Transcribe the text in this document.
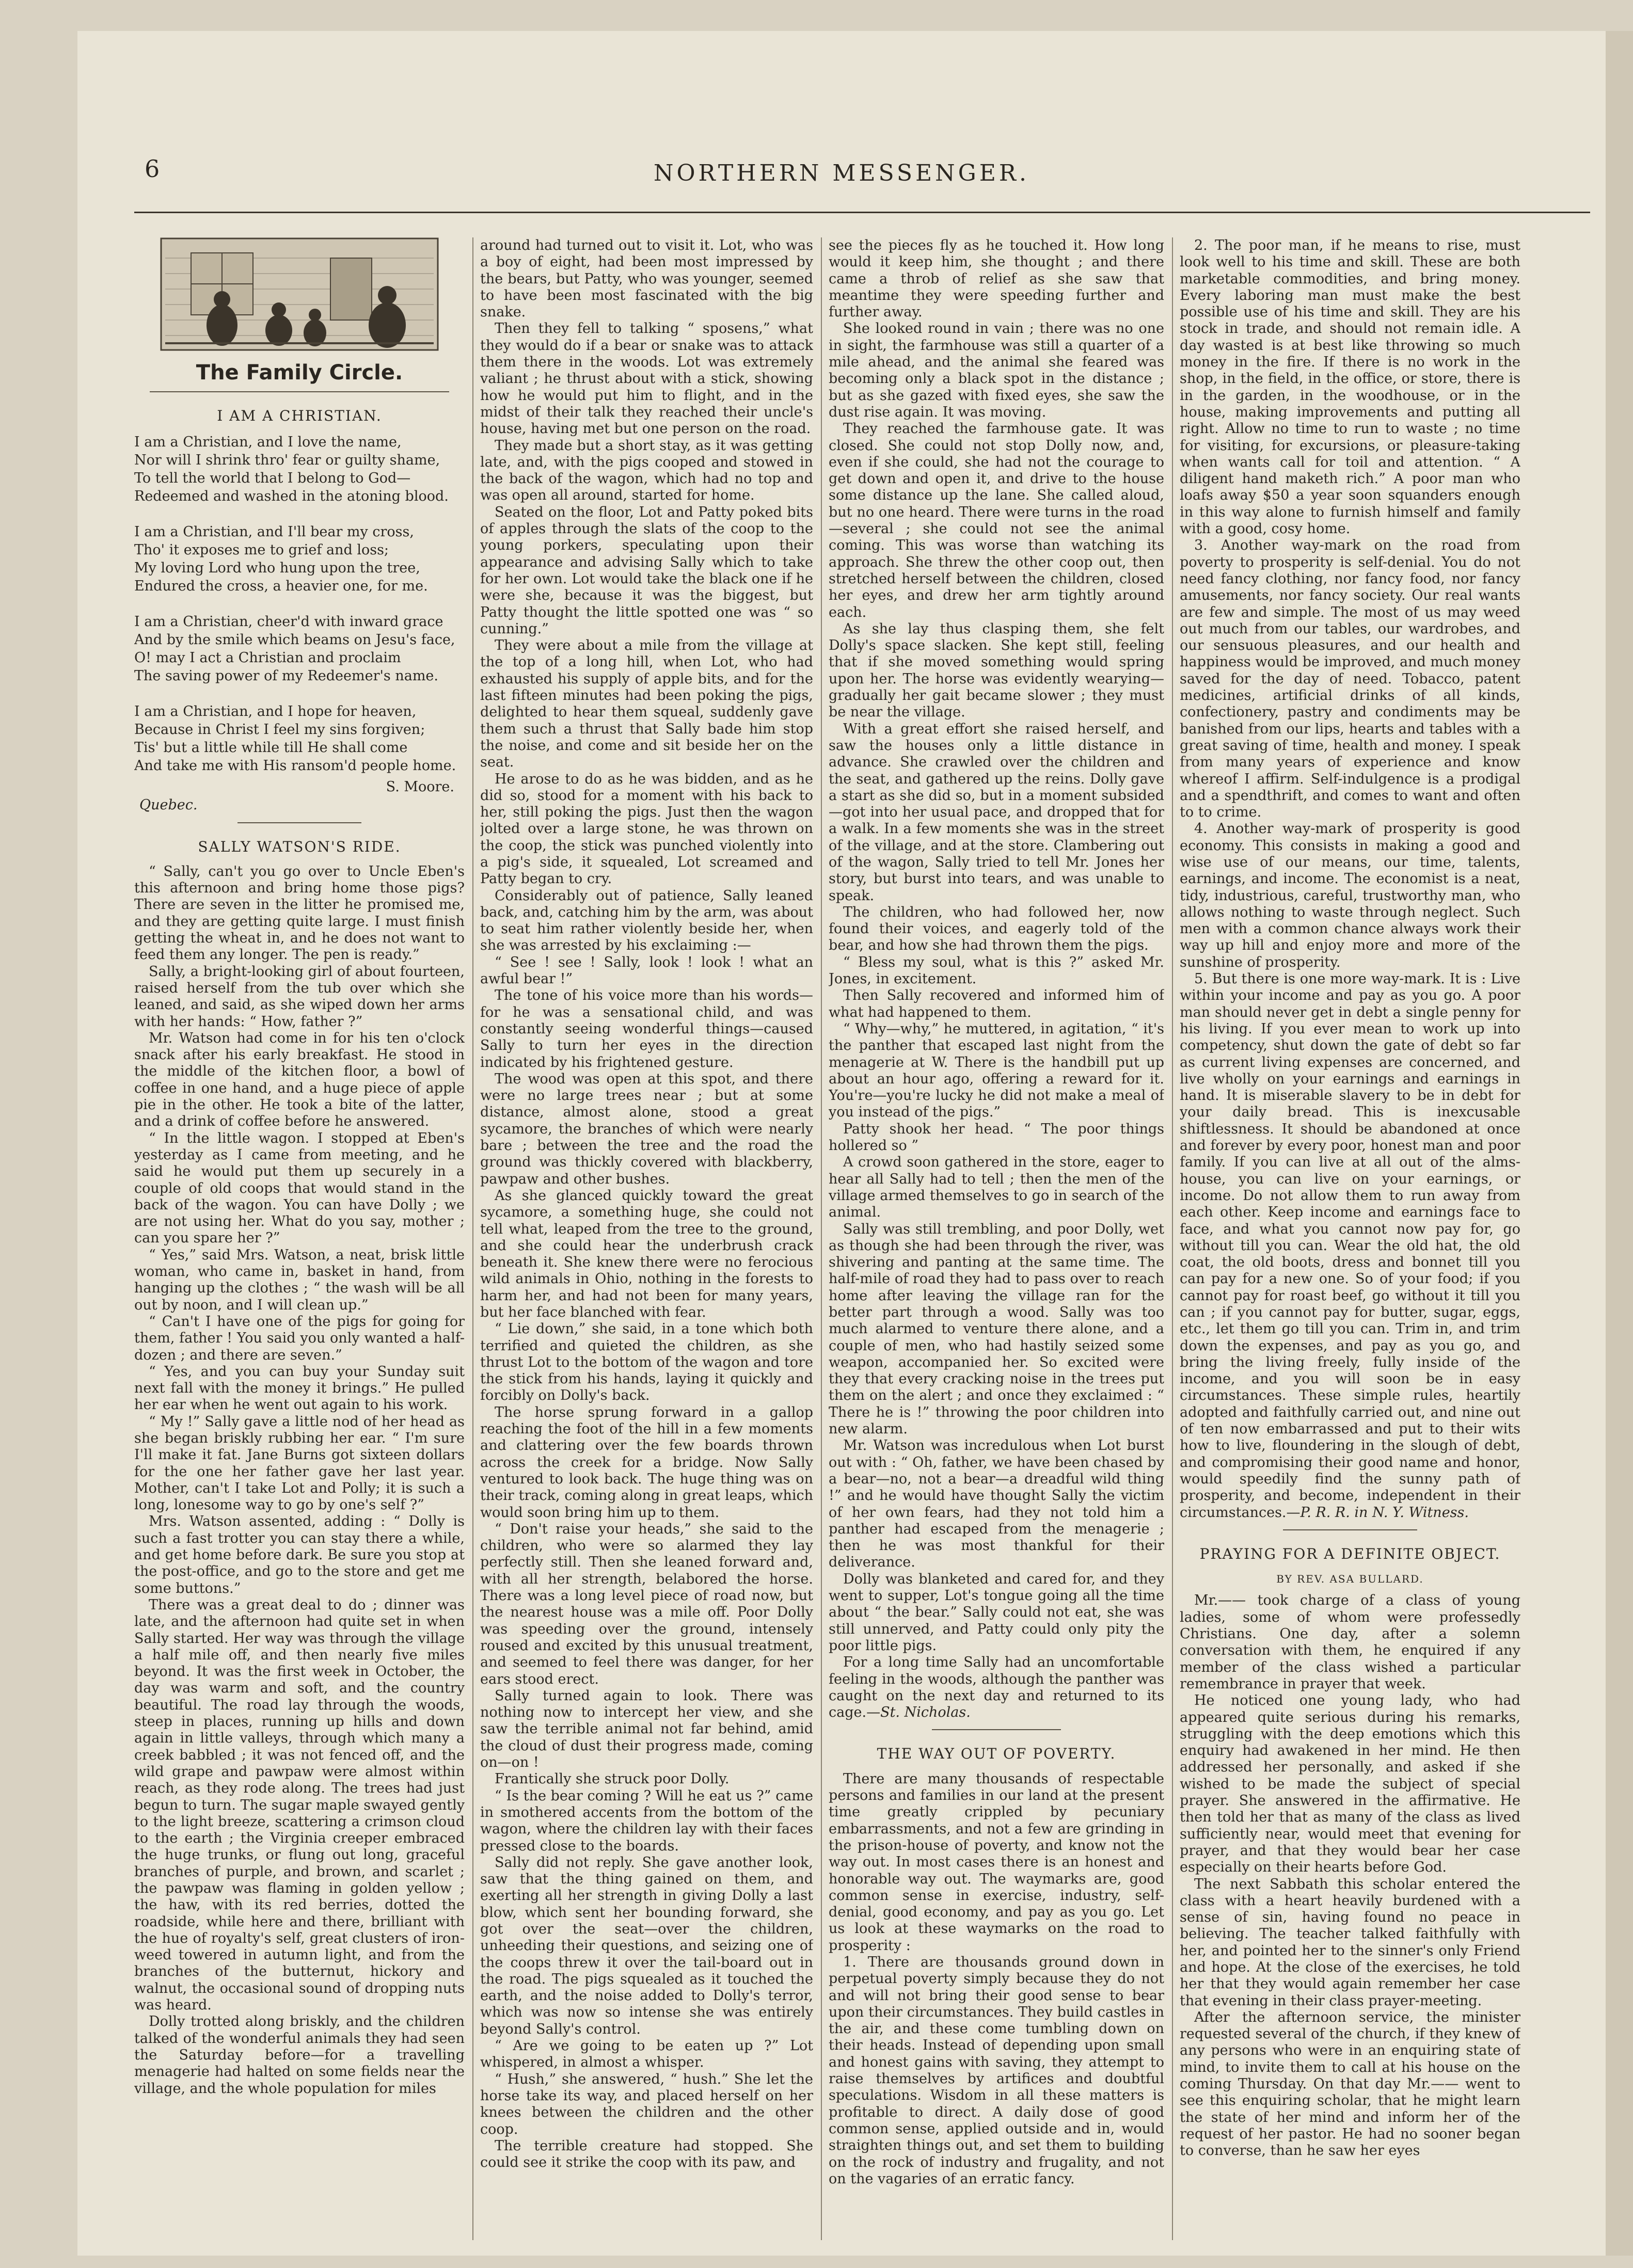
6	NORTHERN MESSENGER.
The Family Circle.
I AM A CHRISTIAN.
I am a Christian, and I love the name,
Nor will I shrink thro' fear or guilty shame,
To tell the world that I belong to God—
Redeemed and washed in the atoning blood.
I am a Christian, and I'll bear my cross,
Tho' it exposes me to grief and loss;
My loving Lord who hung upon the tree,
Endured the cross, a heavier one, for me.
I am a Christian, cheer'd with inward grace
And by the smile which beams on Jesu's face,
O! may I act a Christian and proclaim
The saving power of my Redeemer's name.
I am a Christian, and I hope for heaven,
Because in Christ I feel my sins forgiven;
Tis' but a little while till He shall come
And take me with His ransom'd people home.
S. Moore.
Quebec.
SALLY WATSON'S RIDE.

“ Sally, can't you go over to Uncle Eben's this afternoon and bring home those pigs? There are seven in the litter he promised me, and they are getting quite large. I must finish getting the wheat in, and he does not want to feed them any longer. The pen is ready.”

Sally, a bright-looking girl of about fourteen, raised herself from the tub over which she leaned, and said, as she wiped down her arms with her hands: “ How, father ?”

Mr. Watson had come in for his ten o'clock snack after his early breakfast. He stood in the middle of the kitchen floor, a bowl of coffee in one hand, and a huge piece of apple pie in the other. He took a bite of the latter, and a drink of coffee before he answered.

“ In the little wagon. I stopped at Eben's yesterday as I came from meeting, and he said he would put them up securely in a couple of old coops that would stand in the back of the wagon. You can have Dolly ; we are not using her. What do you say, mother ; can you spare her ?”

“ Yes,” said Mrs. Watson, a neat, brisk little woman, who came in, basket in hand, from hanging up the clothes ; “ the wash will be all out by noon, and I will clean up.”

“ Can't I have one of the pigs for going for them, father ! You said you only wanted a half-dozen ; and there are seven.”

“ Yes, and you can buy your Sunday suit next fall with the money it brings.” He pulled her ear when he went out again to his work.

“ My !” Sally gave a little nod of her head as she began briskly rubbing her ear. “ I'm sure I'll make it fat. Jane Burns got sixteen dollars for the one her father gave her last year. Mother, can't I take Lot and Polly; it is such a long, lonesome way to go by one's self ?”

Mrs. Watson assented, adding : “ Dolly is such a fast trotter you can stay there a while, and get home before dark. Be sure you stop at the post-office, and go to the store and get me some buttons.”

There was a great deal to do ; dinner was late, and the afternoon had quite set in when Sally started. Her way was through the village a half mile off, and then nearly five miles beyond. It was the first week in October, the day was warm and soft, and the country beautiful. The road lay through the woods, steep in places, running up hills and down again in little valleys, through which many a creek babbled ; it was not fenced off, and the wild grape and pawpaw were almost within reach, as they rode along. The trees had just begun to turn. The sugar maple swayed gently to the light breeze, scattering a crimson cloud to the earth ; the Virginia creeper embraced the huge trunks, or flung out long, graceful branches of purple, and brown, and scarlet ; the pawpaw was flaming in golden yellow ; the haw, with its red berries, dotted the roadside, while here and there, brilliant with the hue of royalty's self, great clusters of iron-weed towered in autumn light, and from the branches of the butternut, hickory and walnut, the occasional sound of dropping nuts was heard.

Dolly trotted along briskly, and the children talked of the wonderful animals they had seen the Saturday before—for a travelling menagerie had halted on some fields near the village, and the whole population for miles

around had turned out to visit it. Lot, who was a boy of eight, had been most impressed by the bears, but Patty, who was younger, seemed to have been most fascinated with the big snake.

Then they fell to talking “ sposens,” what they would do if a bear or snake was to attack them there in the woods. Lot was extremely valiant ; he thrust about with a stick, showing how he would put him to flight, and in the midst of their talk they reached their uncle's house, having met but one person on the road.

They made but a short stay, as it was getting late, and, with the pigs cooped and stowed in the back of the wagon, which had no top and was open all around, started for home.

Seated on the floor, Lot and Patty poked bits of apples through the slats of the coop to the young porkers, speculating upon their appearance and advising Sally which to take for her own. Lot would take the black one if he were she, because it was the biggest, but Patty thought the little spotted one was “ so cunning.”

They were about a mile from the village at the top of a long hill, when Lot, who had exhausted his supply of apple bits, and for the last fifteen minutes had been poking the pigs, delighted to hear them squeal, suddenly gave them such a thrust that Sally bade him stop the noise, and come and sit beside her on the seat.

He arose to do as he was bidden, and as he did so, stood for a moment with his back to her, still poking the pigs. Just then the wagon jolted over a large stone, he was thrown on the coop, the stick was punched violently into a pig's side, it squealed, Lot screamed and Patty began to cry.

Considerably out of patience, Sally leaned back, and, catching him by the arm, was about to seat him rather violently beside her, when she was arrested by his exclaiming :—

“ See ! see ! Sally, look ! look ! what an awful bear !”

The tone of his voice more than his words—for he was a sensational child, and was constantly seeing wonderful things—caused Sally to turn her eyes in the direction indicated by his frightened gesture.

The wood was open at this spot, and there were no large trees near ; but at some distance, almost alone, stood a great sycamore, the branches of which were nearly bare ; between the tree and the road the ground was thickly covered with blackberry, pawpaw and other bushes.

As she glanced quickly toward the great sycamore, a something huge, she could not tell what, leaped from the tree to the ground, and she could hear the underbrush crack beneath it. She knew there were no ferocious wild animals in Ohio, nothing in the forests to harm her, and had not been for many years, but her face blanched with fear.

“ Lie down,” she said, in a tone which both terrified and quieted the children, as she thrust Lot to the bottom of the wagon and tore the stick from his hands, laying it quickly and forcibly on Dolly's back.

The horse sprung forward in a gallop reaching the foot of the hill in a few moments and clattering over the few boards thrown across the creek for a bridge. Now Sally ventured to look back. The huge thing was on their track, coming along in great leaps, which would soon bring him up to them.

“ Don't raise your heads,” she said to the children, who were so alarmed they lay perfectly still. Then she leaned forward and, with all her strength, belabored the horse. There was a long level piece of road now, but the nearest house was a mile off. Poor Dolly was speeding over the ground, intensely roused and excited by this unusual treatment, and seemed to feel there was danger, for her ears stood erect.

Sally turned again to look. There was nothing now to intercept her view, and she saw the terrible animal not far behind, amid the cloud of dust their progress made, coming on—on !

Frantically she struck poor Dolly.

“ Is the bear coming ? Will he eat us ?” came in smothered accents from the bottom of the wagon, where the children lay with their faces pressed close to the boards.

Sally did not reply. She gave another look, saw that the thing gained on them, and exerting all her strength in giving Dolly a last blow, which sent her bounding forward, she got over the seat—over the children, unheeding their questions, and seizing one of the coops threw it over the tail-board out in the road. The pigs squealed as it touched the earth, and the noise added to Dolly's terror, which was now so intense she was entirely beyond Sally's control.

“ Are we going to be eaten up ?” Lot whispered, in almost a whisper.

“ Hush,” she answered, “ hush.” She let the horse take its way, and placed herself on her knees between the children and the other coop.

The terrible creature had stopped. She could see it strike the coop with its paw, and

see the pieces fly as he touched it. How long would it keep him, she thought ; and there came a throb of relief as she saw that meantime they were speeding further and further away.

She looked round in vain ; there was no one in sight, the farmhouse was still a quarter of a mile ahead, and the animal she feared was becoming only a black spot in the distance ; but as she gazed with fixed eyes, she saw the dust rise again. It was moving.

They reached the farmhouse gate. It was closed. She could not stop Dolly now, and, even if she could, she had not the courage to get down and open it, and drive to the house some distance up the lane. She called aloud, but no one heard. There were turns in the road—several ; she could not see the animal coming. This was worse than watching its approach. She threw the other coop out, then stretched herself between the children, closed her eyes, and drew her arm tightly around each.

As she lay thus clasping them, she felt Dolly's space slacken. She kept still, feeling that if she moved something would spring upon her. The horse was evidently wearying—gradually her gait became slower ; they must be near the village.

With a great effort she raised herself, and saw the houses only a little distance in advance. She crawled over the children and the seat, and gathered up the reins. Dolly gave a start as she did so, but in a moment subsided—got into her usual pace, and dropped that for a walk. In a few moments she was in the street of the village, and at the store. Clambering out of the wagon, Sally tried to tell Mr. Jones her story, but burst into tears, and was unable to speak.

The children, who had followed her, now found their voices, and eagerly told of the bear, and how she had thrown them the pigs.

“ Bless my soul, what is this ?” asked Mr. Jones, in excitement.

Then Sally recovered and informed him of what had happened to them.

“ Why—why,” he muttered, in agitation, “ it's the panther that escaped last night from the menagerie at W. There is the handbill put up about an hour ago, offering a reward for it. You're—you're lucky he did not make a meal of you instead of the pigs.”

Patty shook her head. “ The poor things hollered so ”

A crowd soon gathered in the store, eager to hear all Sally had to tell ; then the men of the village armed themselves to go in search of the animal.

Sally was still trembling, and poor Dolly, wet as though she had been through the river, was shivering and panting at the same time. The half-mile of road they had to pass over to reach home after leaving the village ran for the better part through a wood. Sally was too much alarmed to venture there alone, and a couple of men, who had hastily seized some weapon, accompanied her. So excited were they that every cracking noise in the trees put them on the alert ; and once they exclaimed : “ There he is !” throwing the poor children into new alarm.

Mr. Watson was incredulous when Lot burst out with : “ Oh, father, we have been chased by a bear—no, not a bear—a dreadful wild thing !” and he would have thought Sally the victim of her own fears, had they not told him a panther had escaped from the menagerie ; then he was most thankful for their deliverance.

Dolly was blanketed and cared for, and they went to supper, Lot's tongue going all the time about “ the bear.” Sally could not eat, she was still unnerved, and Patty could only pity the poor little pigs.

For a long time Sally had an uncomfortable feeling in the woods, although the panther was caught on the next day and returned to its cage.—St. Nicholas.

THE WAY OUT OF POVERTY.

There are many thousands of respectable persons and families in our land at the present time greatly crippled by pecuniary embarrassments, and not a few are grinding in the prison-house of poverty, and know not the way out. In most cases there is an honest and honorable way out. The waymarks are, good common sense in exercise, industry, self-denial, good economy, and pay as you go. Let us look at these waymarks on the road to prosperity :

1. There are thousands ground down in perpetual poverty simply because they do not and will not bring their good sense to bear upon their circumstances. They build castles in the air, and these come tumbling down on their heads. Instead of depending upon small and honest gains with saving, they attempt to raise themselves by artifices and doubtful speculations. Wisdom in all these matters is profitable to direct. A daily dose of good common sense, applied outside and in, would straighten things out, and set them to building on the rock of industry and frugality, and not on the vagaries of an erratic fancy.

2. The poor man, if he means to rise, must look well to his time and skill. These are both marketable commodities, and bring money. Every laboring man must make the best possible use of his time and skill. They are his stock in trade, and should not remain idle. A day wasted is at best like throwing so much money in the fire. If there is no work in the shop, in the field, in the office, or store, there is in the garden, in the woodhouse, or in the house, making improvements and putting all right. Allow no time to run to waste ; no time for visiting, for excursions, or pleasure-taking when wants call for toil and attention. “ A diligent hand maketh rich.” A poor man who loafs away $50 a year soon squanders enough in this way alone to furnish himself and family with a good, cosy home.

3. Another way-mark on the road from poverty to prosperity is self-denial. You do not need fancy clothing, nor fancy food, nor fancy amusements, nor fancy society. Our real wants are few and simple. The most of us may weed out much from our tables, our wardrobes, and our sensuous pleasures, and our health and happiness would be improved, and much money saved for the day of need. Tobacco, patent medicines, artificial drinks of all kinds, confectionery, pastry and condiments may be banished from our lips, hearts and tables with a great saving of time, health and money. I speak from many years of experience and know whereof I affirm. Self-indulgence is a prodigal and a spendthrift, and comes to want and often to to crime.

4. Another way-mark of prosperity is good economy. This consists in making a good and wise use of our means, our time, talents, earnings, and income. The economist is a neat, tidy, industrious, careful, trustworthy man, who allows nothing to waste through neglect. Such men with a common chance always work their way up hill and enjoy more and more of the sunshine of prosperity.

5. But there is one more way-mark. It is : Live within your income and pay as you go. A poor man should never get in debt a single penny for his living. If you ever mean to work up into competency, shut down the gate of debt so far as current living expenses are concerned, and live wholly on your earnings and earnings in hand. It is miserable slavery to be in debt for your daily bread. This is inexcusable shiftlessness. It should be abandoned at once and forever by every poor, honest man and poor family. If you can live at all out of the alms-house, you can live on your earnings, or income. Do not allow them to run away from each other. Keep income and earnings face to face, and what you cannot now pay for, go without till you can. Wear the old hat, the old coat, the old boots, dress and bonnet till you can pay for a new one. So of your food; if you cannot pay for roast beef, go without it till you can ; if you cannot pay for butter, sugar, eggs, etc., let them go till you can. Trim in, and trim down the expenses, and pay as you go, and bring the living freely, fully inside of the income, and you will soon be in easy circumstances. These simple rules, heartily adopted and faithfully carried out, and nine out of ten now embarrassed and put to their wits how to live, floundering in the slough of debt, and compromising their good name and honor, would speedily find the sunny path of prosperity, and become, independent in their circumstances.—P. R. R. in N. Y. Witness.

PRAYING FOR A DEFINITE OBJECT.
BY REV. ASA BULLARD.

Mr.—— took charge of a class of young ladies, some of whom were professedly Christians. One day, after a solemn conversation with them, he enquired if any member of the class wished a particular remembrance in prayer that week.

He noticed one young lady, who had appeared quite serious during his remarks, struggling with the deep emotions which this enquiry had awakened in her mind. He then addressed her personally, and asked if she wished to be made the subject of special prayer. She answered in the affirmative. He then told her that as many of the class as lived sufficiently near, would meet that evening for prayer, and that they would bear her case especially on their hearts before God.

The next Sabbath this scholar entered the class with a heart heavily burdened with a sense of sin, having found no peace in believing. The teacher talked faithfully with her, and pointed her to the sinner's only Friend and hope. At the close of the exercises, he told her that they would again remember her case that evening in their class prayer-meeting.

After the afternoon service, the minister requested several of the church, if they knew of any persons who were in an enquiring state of mind, to invite them to call at his house on the coming Thursday. On that day Mr.—— went to see this enquiring scholar, that he might learn the state of her mind and inform her of the request of her pastor. He had no sooner began to converse, than he saw her eyes
